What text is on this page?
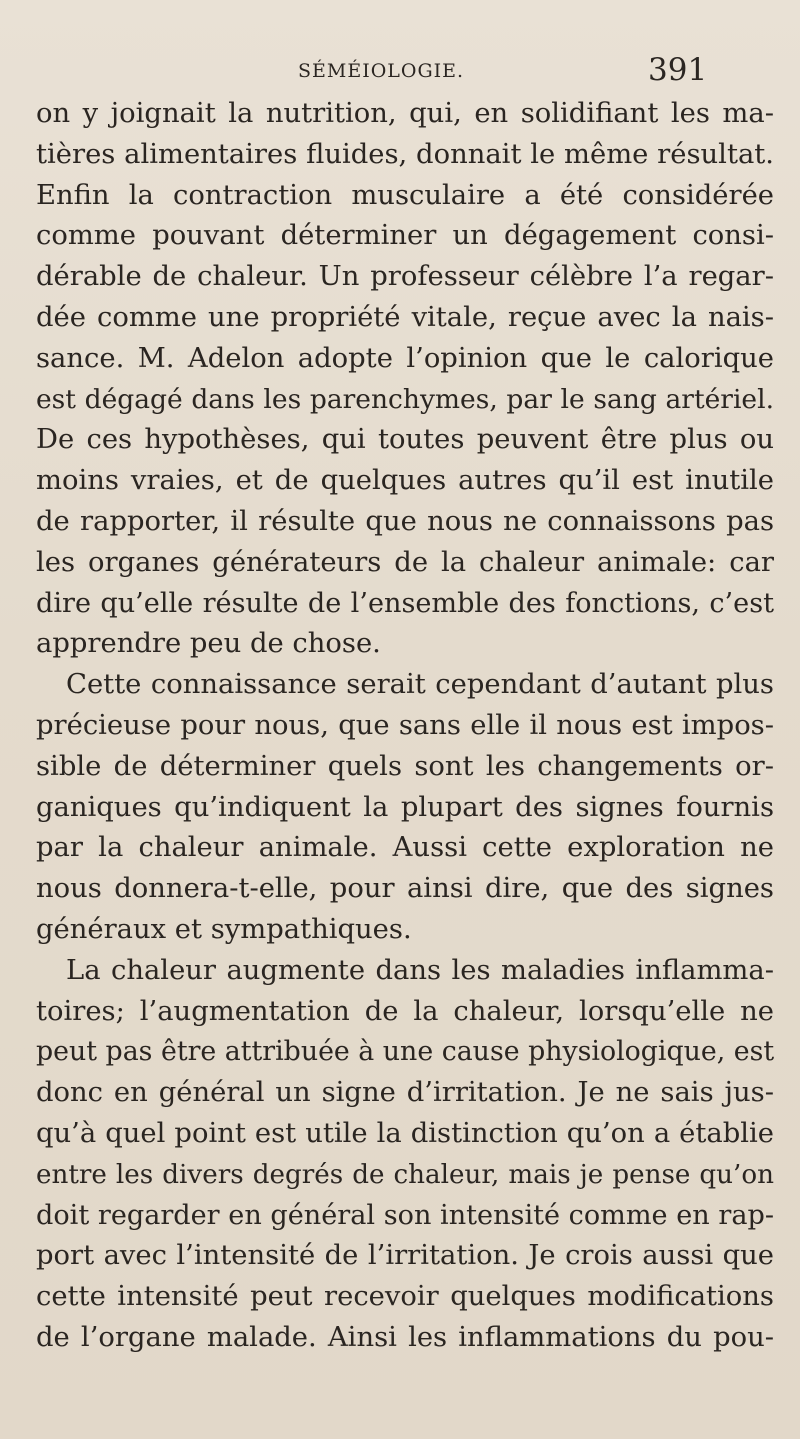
SÉMÉIOLOGIE.	391
on y joignait la nutrition, qui, en solidifiant les ma-
tières alimentaires fluides, donnait le même résultat.
Enfin la contraction musculaire a été considérée
comme pouvant déterminer un dégagement consi-
dérable de chaleur. Un professeur célèbre l’a regar-
dée comme une propriété vitale, reçue avec la nais-
sance. M. Adelon adopte l’opinion que le calorique
est dégagé dans les parenchymes, par le sang artériel.
De ces hypothèses, qui toutes peuvent être plus ou
moins vraies, et de quelques autres qu’il est inutile
de rapporter, il résulte que nous ne connaissons pas
les organes générateurs de la chaleur animale: car
dire qu’elle résulte de l’ensemble des fonctions, c’est
apprendre peu de chose.
Cette connaissance serait cependant d’autant plus
précieuse pour nous, que sans elle il nous est impos-
sible de déterminer quels sont les changements or-
ganiques qu’indiquent la plupart des signes fournis
par la chaleur animale. Aussi cette exploration ne
nous donnera-t-elle, pour ainsi dire, que des signes
généraux et sympathiques.
La chaleur augmente dans les maladies inflamma-
toires; l’augmentation de la chaleur, lorsqu’elle ne
peut pas être attribuée à une cause physiologique, est
donc en général un signe d’irritation. Je ne sais jus-
qu’à quel point est utile la distinction qu’on a établie
entre les divers degrés de chaleur, mais je pense qu’on
doit regarder en général son intensité comme en rap-
port avec l’intensité de l’irritation. Je crois aussi que
cette intensité peut recevoir quelques modifications
de l’organe malade. Ainsi les inflammations du pou-
